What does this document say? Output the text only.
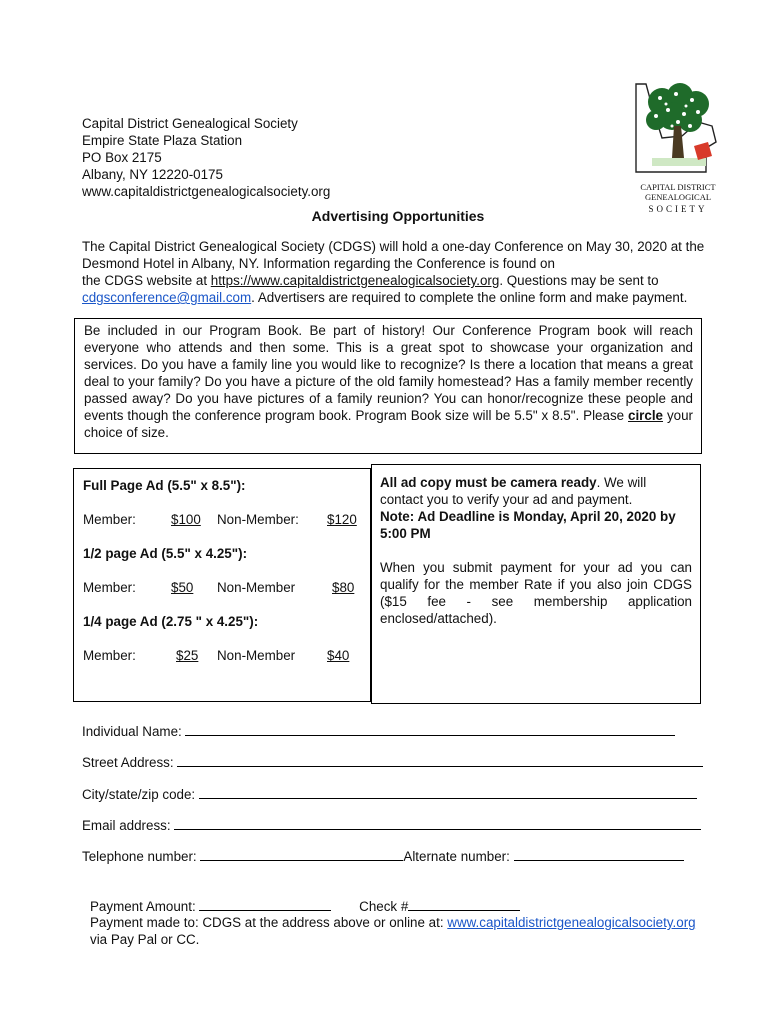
Capital District Genealogical Society
Empire State Plaza Station
PO Box 2175
Albany, NY 12220-0175
www.capitaldistrictgenealogicalsociety.org	CAPITAL DISTRICT
GENEALOGICAL
SOCIETY
Advertising Opportunities
The Capital District Genealogical Society (CDGS) will hold a one-day Conference on May 30, 2020 at the
Desmond Hotel in Albany, NY. Information regarding the Conference is found on
the CDGS website at https://www.capitaldistrictgenealogicalsociety.org. Questions may be sent to
cdgsconference@gmail.com. Advertisers are required to complete the online form and make payment.

Be included in our Program Book. Be part of history! Our Conference Program book will reach everyone who attends and then some. This is a great spot to showcase your organization and services. Do you have a family line you would like to recognize? Is there a location that means a great deal to your family? Do you have a picture of the old family homestead? Has a family member recently passed away? Do you have pictures of a family reunion? You can honor/recognize these people and events though the conference program book. Program Book size will be 5.5" x 8.5". Please circle your choice of size.

Full Page Ad (5.5" x 8.5"):
Member:	$100 Non-Member: $120
1/2 page Ad (5.5" x 4.25"):
Member:	$50 Non-Member	$80
1/4 page Ad (2.75 " x 4.25"):
Member:	$25 Non-Member $40

All ad copy must be camera ready. We will contact you to verify your ad and payment.

Note: Ad Deadline is Monday, April 20, 2020 by 5:00 PM

When you submit payment for your ad you can qualify for the member Rate if you also join CDGS ($15 fee - see membership application enclosed/attached).

Individual Name:
Street Address:
City/state/zip code:
Email address:
Telephone number:	Alternate number:
Payment Amount:	Check #
Payment made to: CDGS at the address above or online at: www.capitaldistrictgenealogicalsociety.org
via Pay Pal or CC.
